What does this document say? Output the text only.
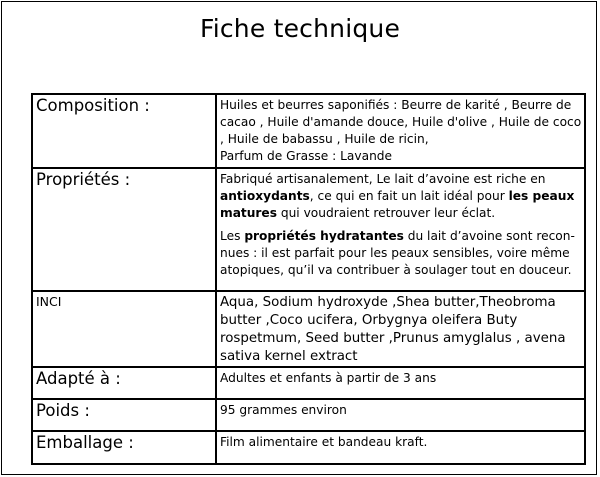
Fiche technique
Composition :	Huiles et beurres saponifiés : Beurre de karité , Beurre de cacao , Huile d'amande douce, Huile d'olive , Huile de coco , Huile de babassu , Huile de ricin,
Parfum de Grasse : Lavande
Propriétés :	Fabriqué artisanalement, Le lait d’avoine est riche en antioxydants, ce qui en fait un lait idéal pour les peaux matures qui voudraient retrouver leur éclat.

Les propriétés hydratantes du lait d’avoine sont recon-nues : il est parfait pour les peaux sensibles, voire même atopiques, qu’il va contribuer à soulager tout en douceur.

INCI	Aqua, Sodium hydroxyde ,Shea butter,Theobroma butter ,Coco ucifera, Orbygnya oleifera Buty rospetmum, Seed butter ,Prunus amyglalus , avena sativa kernel extract
Adapté à :	Adultes et enfants à partir de 3 ans
Poids :	95 grammes environ
Emballage :	Film alimentaire et bandeau kraft.
